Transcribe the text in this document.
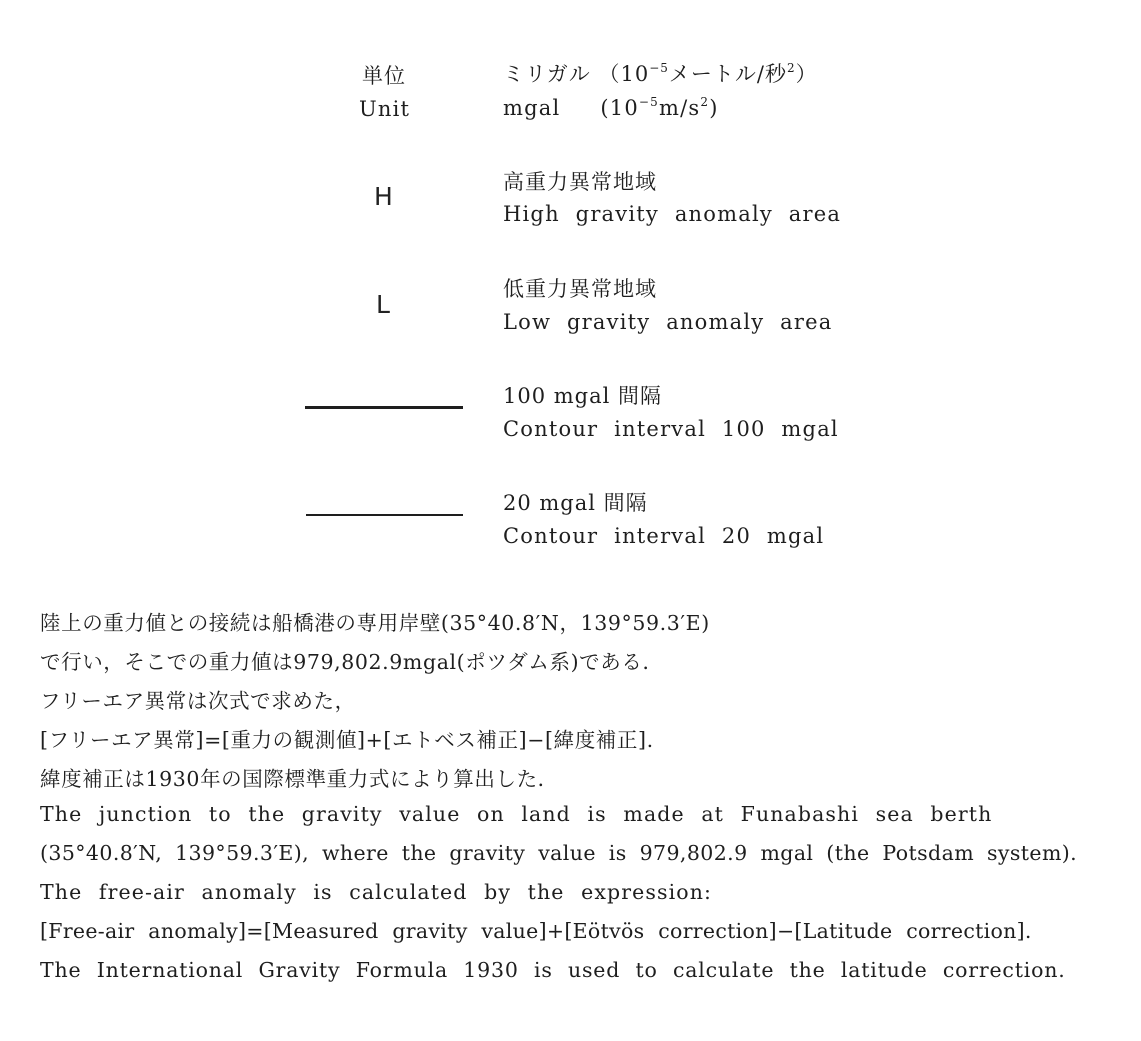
単位
Unit
ミリガル （$10^{-5}$メートル/秒$^2$）
mgal $(10^{-5}m/s^2)$
H	高重力異常地域
High gravity anomaly area
L
低重力異常地域
Low gravity anomaly area
100 mgal 間隔
Contour interval 100 mgal
20 mgal 間隔
Contour interval 20 mgal
陸上の重力値との接続は船橋港の専用岸壁(35°40.8′N，139°59.3′E)
で行い，そこでの重力値は979,802.9mgal(ポツダム系)である．
フリーエア異常は次式で求めた，
[フリーエア異常]=[重力の観測値]+[エトベス補正]−[緯度補正].
緯度補正は1930年の国際標準重力式により算出した．
The junction to the gravity value on land is made at Funabashi sea berth
(35°40.8′N, 139°59.3′E), where the gravity value is 979,802.9 mgal (the Potsdam system).
The free-air anomaly is calculated by the expression:
[Free-air anomaly]=[Measured gravity value]+[Eötvös correction]−[Latitude correction].
The International Gravity Formula 1930 is used to calculate the latitude correction.
